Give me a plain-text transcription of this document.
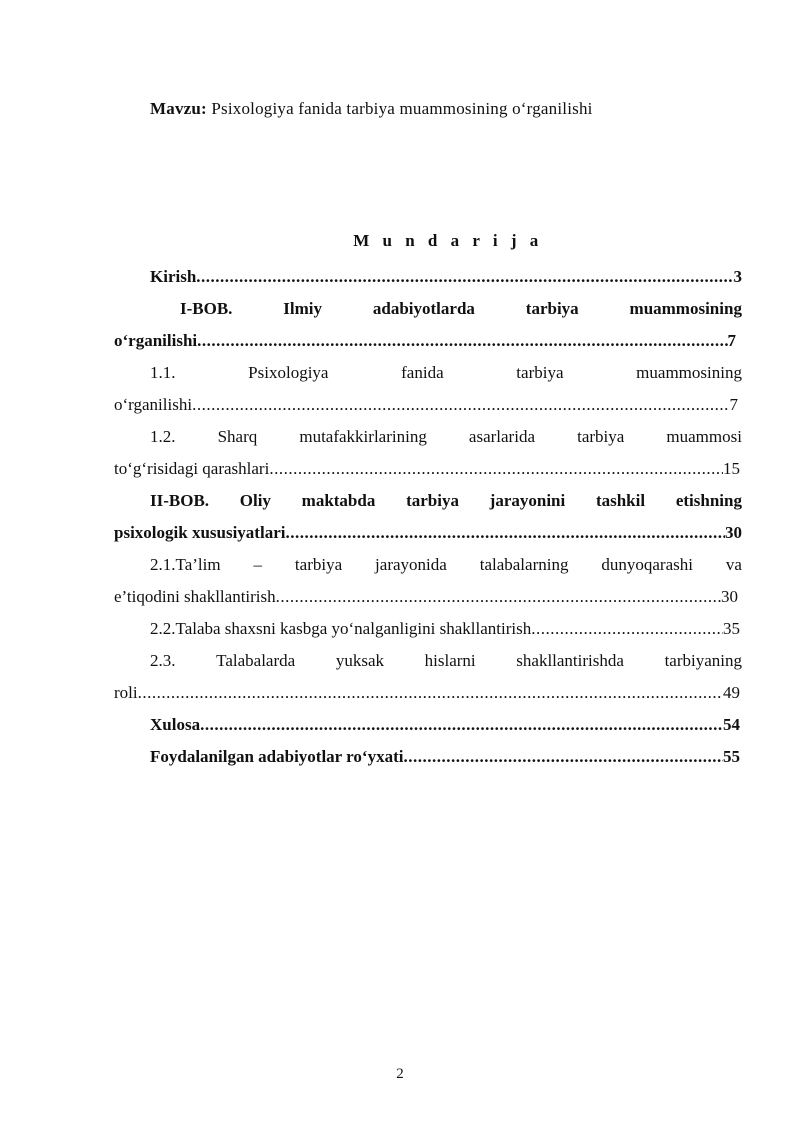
Mavzu: Psixologiya fanida tarbiya muammosining o‘rganilishi
M u n d a r i j a
Kirish .....	3
I-BOB.	Ilmiy	adabiyotlarda	tarbiya	muammosining
o‘rganilishi .....	7
1.1.	Psixologiya	fanida	tarbiya	muammosining
o‘rganilishi .....	7
1.2. Sharq mutafakkirlarining asarlarida tarbiya muammosi
to‘g‘risidagi qarashlari .....	15
II-BOB. Oliy maktabda tarbiya jarayonini tashkil etishning
psixologik xususiyatlari .....	30
2.1.Ta’lim – tarbiya jarayonida talabalarning dunyoqarashi va
e’tiqodini shakllantirish .....	30
2.2.Talaba shaxsni kasbga yo‘nalganligini shakllantirish .....	35
2.3. Talabalarda yuksak hislarni shakllantirishda tarbiyaning
roli .....	49
Xulosa .....	54
Foydalanilgan adabiyotlar ro‘yxati .....	55
2
